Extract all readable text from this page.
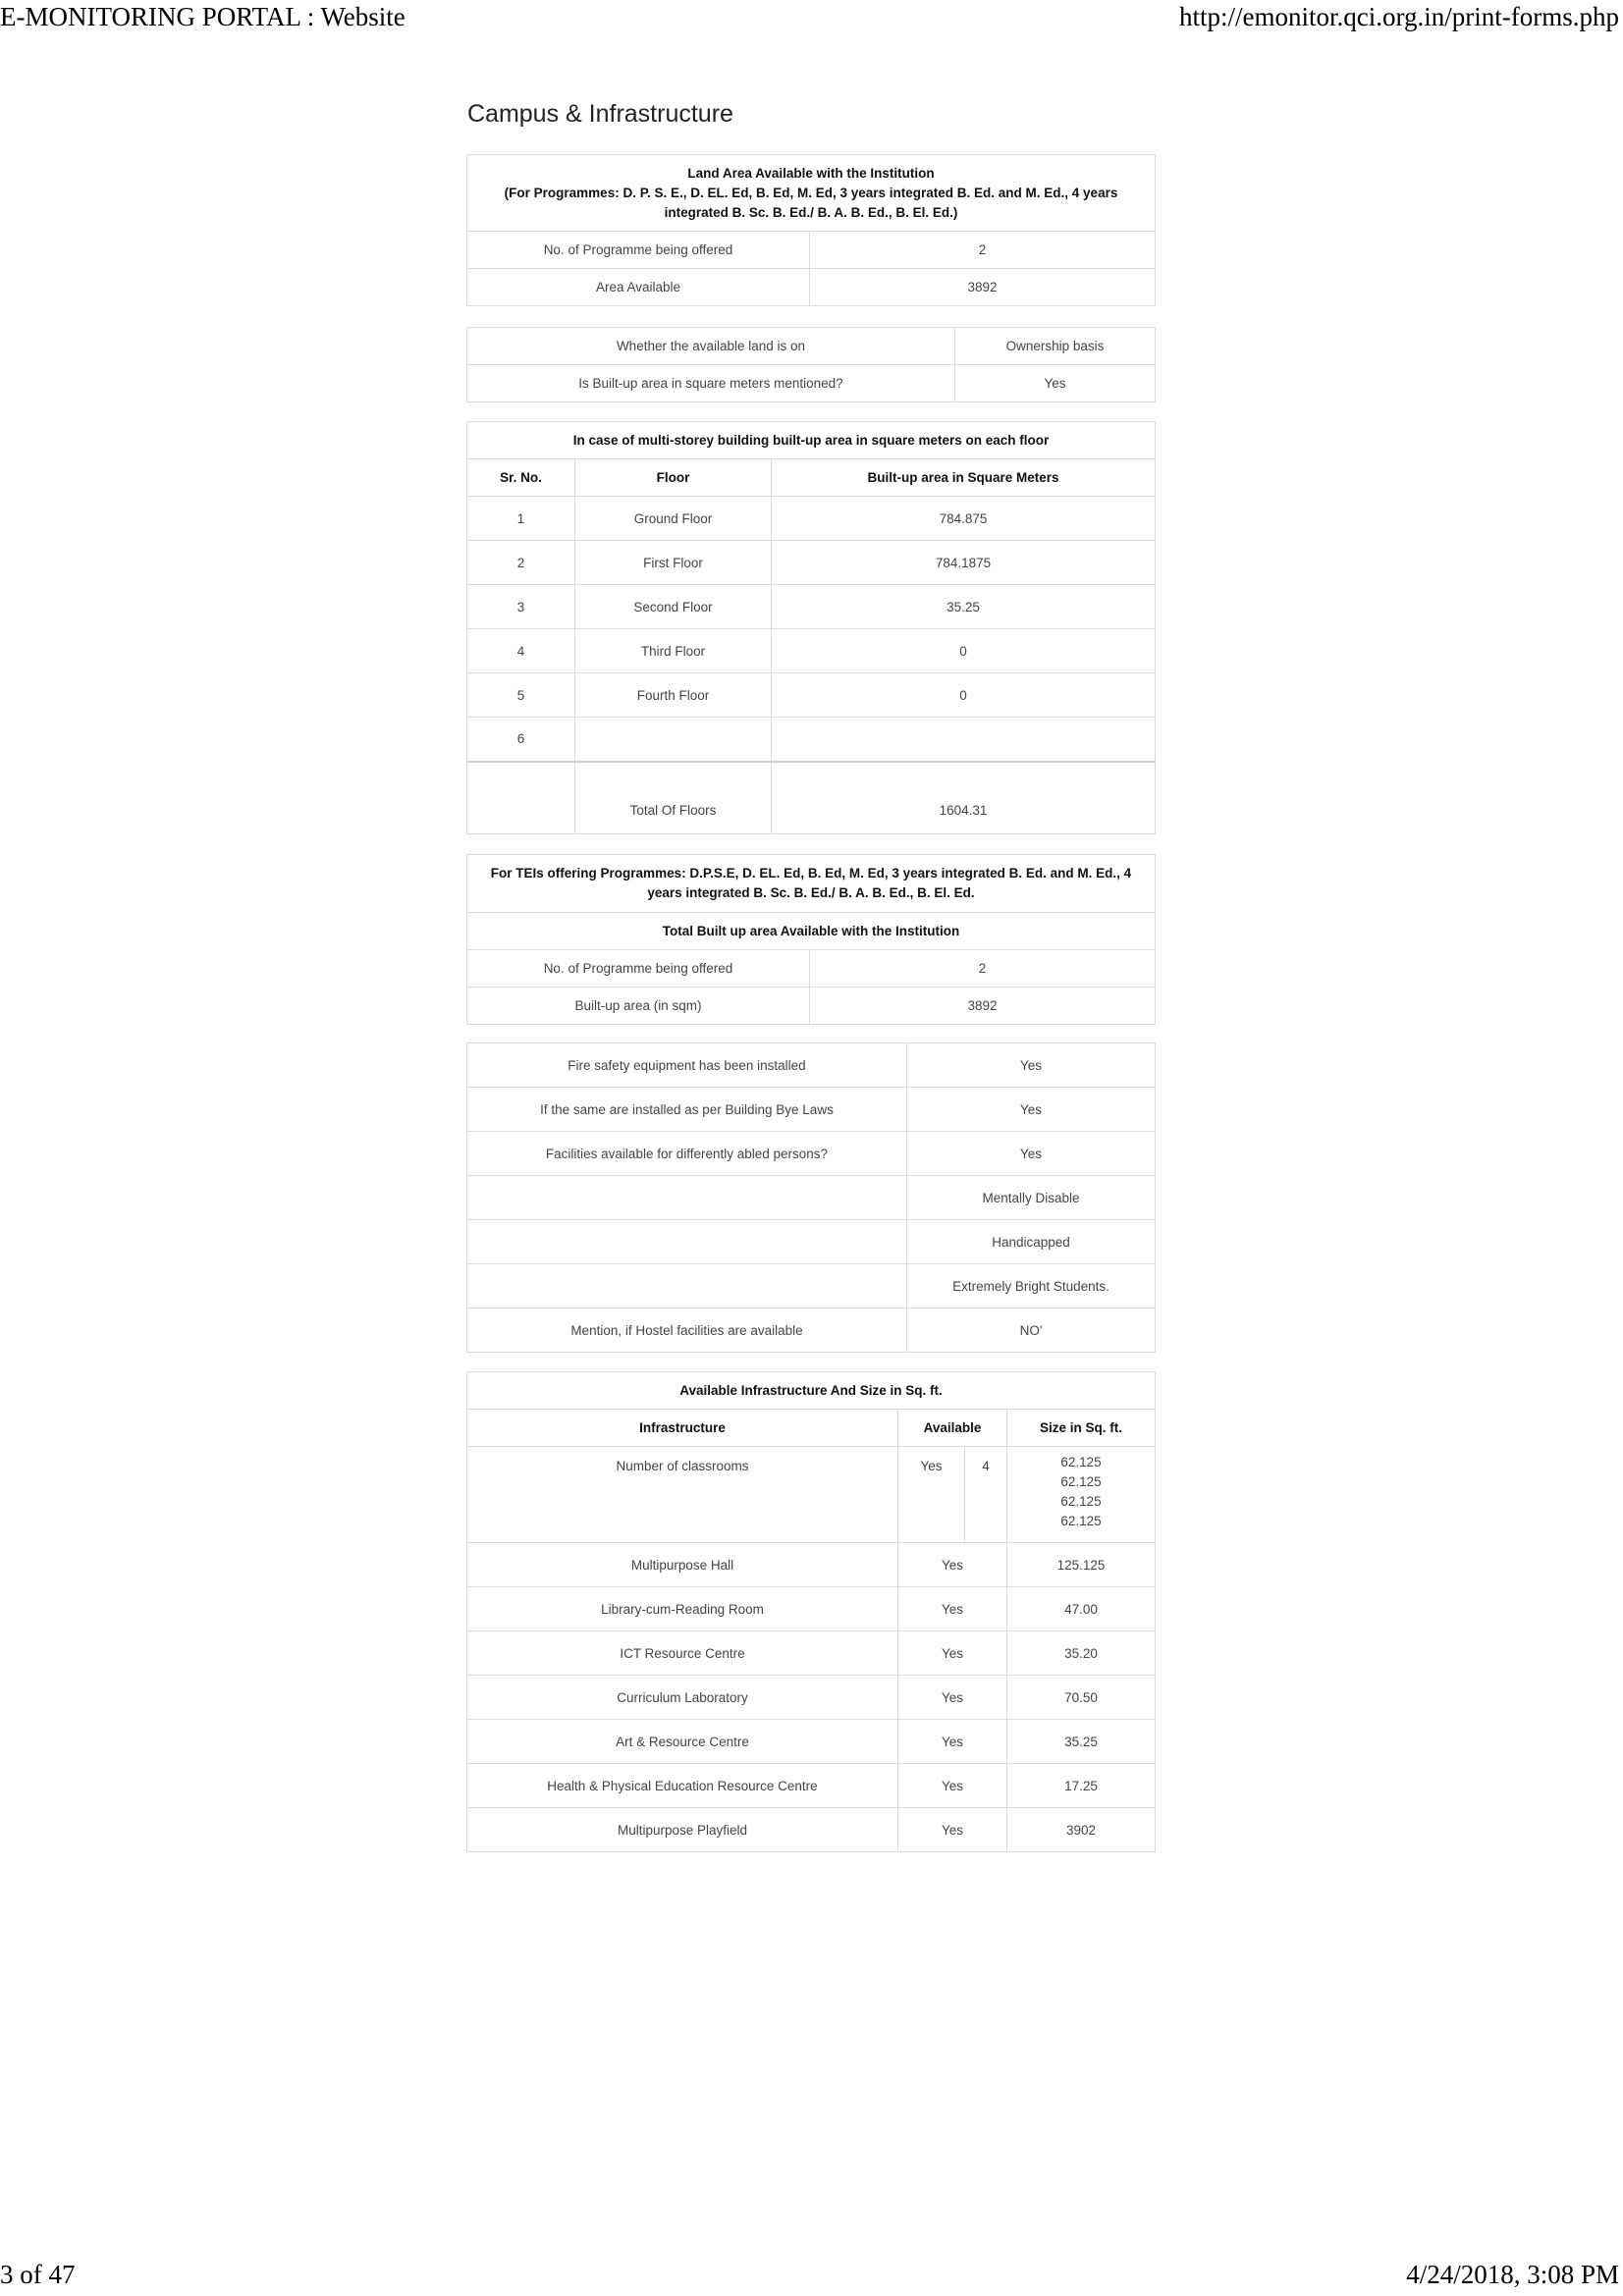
E-MONITORING PORTAL : Website	http://emonitor.qci.org.in/print-forms.php
3 of 47	4/24/2018, 3:08 PM
Campus & Infrastructure
Land Area Available with the Institution
(For Programmes: D. P. S. E., D. EL. Ed, B. Ed, M. Ed, 3 years integrated B. Ed. and M. Ed., 4 years integrated B. Sc. B. Ed./ B. A. B. Ed., B. El. Ed.)	

No. of Programme being offered	2
Area Available	3892
Whether the available land is on	Ownership basis
Is Built-up area in square meters mentioned?	Yes
In case of multi-storey building built-up area in square meters on each floor		
Sr. No.	Floor	Built-up area in Square Meters
1	Ground Floor	784.875
2	First Floor	784.1875
3	Second Floor	35.25
4	Third Floor	0
5	Fourth Floor	0
6		
	Total Of Floors	1604.31
For TEIs offering Programmes: D.P.S.E, D. EL. Ed, B. Ed, M. Ed, 3 years integrated B. Ed. and M. Ed., 4 years integrated B. Sc. B. Ed./ B. A. B. Ed., B. El. Ed.	
Total Built up area Available with the Institution	
No. of Programme being offered	2
Built-up area (in sqm)	3892
Fire safety equipment has been installed	Yes
If the same are installed as per Building Bye Laws	Yes
Facilities available for differently abled persons?	Yes
	Mentally Disable
	Handicapped
	Extremely Bright Students.
Mention, if Hostel facilities are available	NO'
Available Infrastructure And Size in Sq. ft.			
Infrastructure	Available		Size in Sq. ft.
Number of classrooms	Yes	4	62.125
62.125
62.125
62.125

Multipurpose Hall	Yes		125.125
Library-cum-Reading Room	Yes		47.00
ICT Resource Centre	Yes		35.20
Curriculum Laboratory	Yes		70.50
Art & Resource Centre	Yes		35.25
Health & Physical Education Resource Centre	Yes		17.25
Multipurpose Playfield	Yes		3902
